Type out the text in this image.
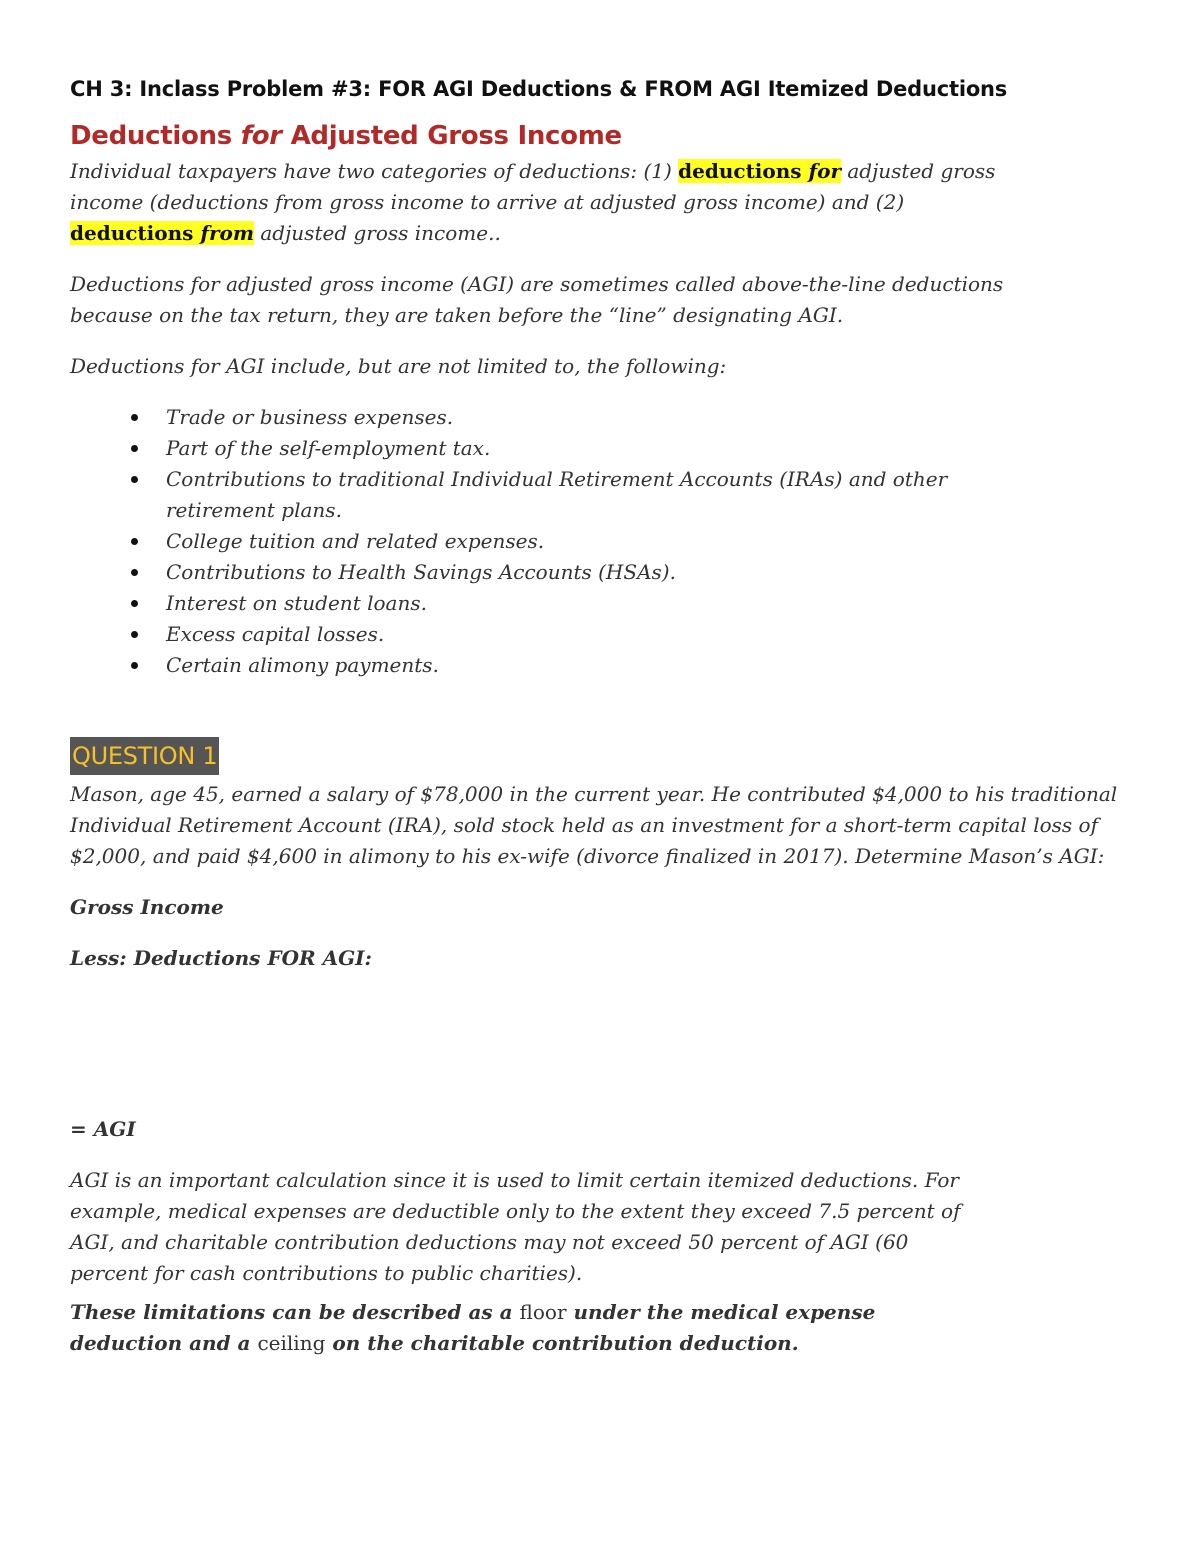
CH 3: Inclass Problem #3: FOR AGI Deductions & FROM AGI Itemized Deductions
Deductions for Adjusted Gross Income

Individual taxpayers have two categories of deductions: (1) deductions for adjusted gross income (deductions from gross income to arrive at adjusted gross income) and (2) deductions from adjusted gross income..

Deductions for adjusted gross income (AGI) are sometimes called above-the-line deductions because on the tax return, they are taken before the “line” designating AGI.

Deductions for AGI include, but are not limited to, the following:

Trade or business expenses.
Part of the self-employment tax.
Contributions to traditional Individual Retirement Accounts (IRAs) and other retirement plans.
College tuition and related expenses.
Contributions to Health Savings Accounts (HSAs).
Interest on student loans.
Excess capital losses.
Certain alimony payments.
QUESTION 1

Mason, age 45, earned a salary of $78,000 in the current year. He contributed $4,000 to his traditional Individual Retirement Account (IRA), sold stock held as an investment for a short-term capital loss of $2,000, and paid $4,600 in alimony to his ex-wife (divorce finalized in 2017). Determine Mason’s AGI:

Gross Income

Less: Deductions FOR AGI:

= AGI

AGI is an important calculation since it is used to limit certain itemized deductions. For example, medical expenses are deductible only to the extent they exceed 7.5 percent of AGI, and charitable contribution deductions may not exceed 50 percent of AGI (60 percent for cash contributions to public charities).

These limitations can be described as a floor under the medical expense deduction and a ceiling on the charitable contribution deduction.
